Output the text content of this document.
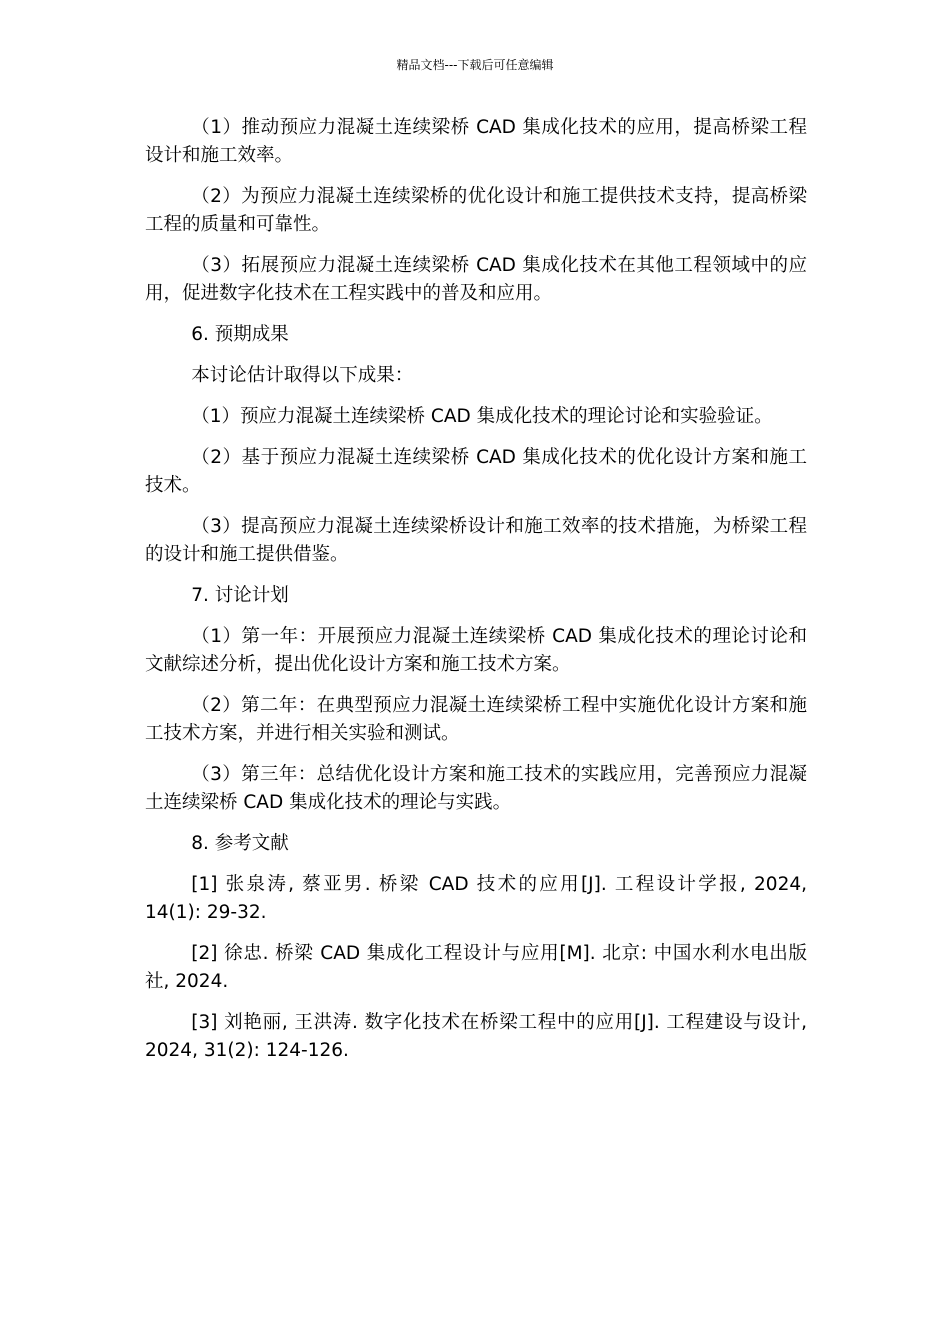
精品文档---下载后可任意编辑

（1）推动预应力混凝土连续梁桥 CAD 集成化技术的应用，提高桥梁工程设计和施工效率。

（2）为预应力混凝土连续梁桥的优化设计和施工提供技术支持，提高桥梁工程的质量和可靠性。

（3）拓展预应力混凝土连续梁桥 CAD 集成化技术在其他工程领域中的应用，促进数字化技术在工程实践中的普及和应用。

6. 预期成果

本讨论估计取得以下成果：

（1）预应力混凝土连续梁桥 CAD 集成化技术的理论讨论和实验验证。

（2）基于预应力混凝土连续梁桥 CAD 集成化技术的优化设计方案和施工技术。

（3）提高预应力混凝土连续梁桥设计和施工效率的技术措施，为桥梁工程的设计和施工提供借鉴。

7. 讨论计划

（1）第一年：开展预应力混凝土连续梁桥 CAD 集成化技术的理论讨论和文献综述分析，提出优化设计方案和施工技术方案。

（2）第二年：在典型预应力混凝土连续梁桥工程中实施优化设计方案和施工技术方案，并进行相关实验和测试。

（3）第三年：总结优化设计方案和施工技术的实践应用，完善预应力混凝土连续梁桥 CAD 集成化技术的理论与实践。

8. 参考文献

[1] 张泉涛, 蔡亚男. 桥梁 CAD 技术的应用[J]. 工程设计学报, 2024, 14(1): 29-32.

[2] 徐忠. 桥梁 CAD 集成化工程设计与应用[M]. 北京: 中国水利水电出版社, 2024.

[3] 刘艳丽, 王洪涛. 数字化技术在桥梁工程中的应用[J]. 工程建设与设计, 2024, 31(2): 124-126.
